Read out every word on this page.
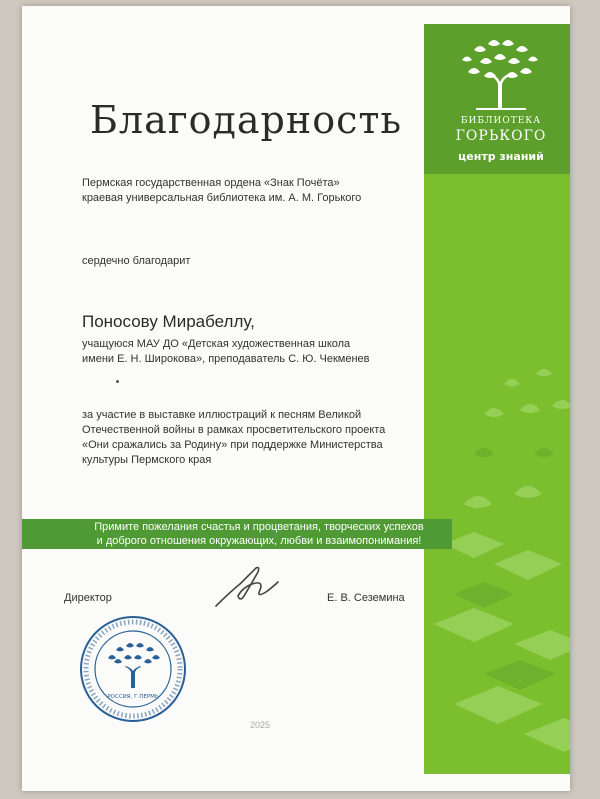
БИБЛИОТЕКА
ГОРЬКОГО
центр знаний
Благодарность

Пермская государственная ордена «Знак Почёта»
краевая универсальная библиотека им. А. М. Горького

сердечно благодарит

Поносову Мирабеллу,

учащуюся МАУ ДО «Детская художественная школа
имени Е. Н. Широкова», преподаватель С. Ю. Чекменев

за участие в выставке иллюстраций к песням Великой
Отечественной войны в рамках просветительского проекта
«Они сражались за Родину» при поддержке Министерства
культуры Пермского края

Примите пожелания счастья и процветания, творческих успехов
и доброго отношения окружающих, любви и взаимопонимания!

Директор	Е. В. Сеземина

РОССИЯ, Г.ПЕРМЬ

2025
